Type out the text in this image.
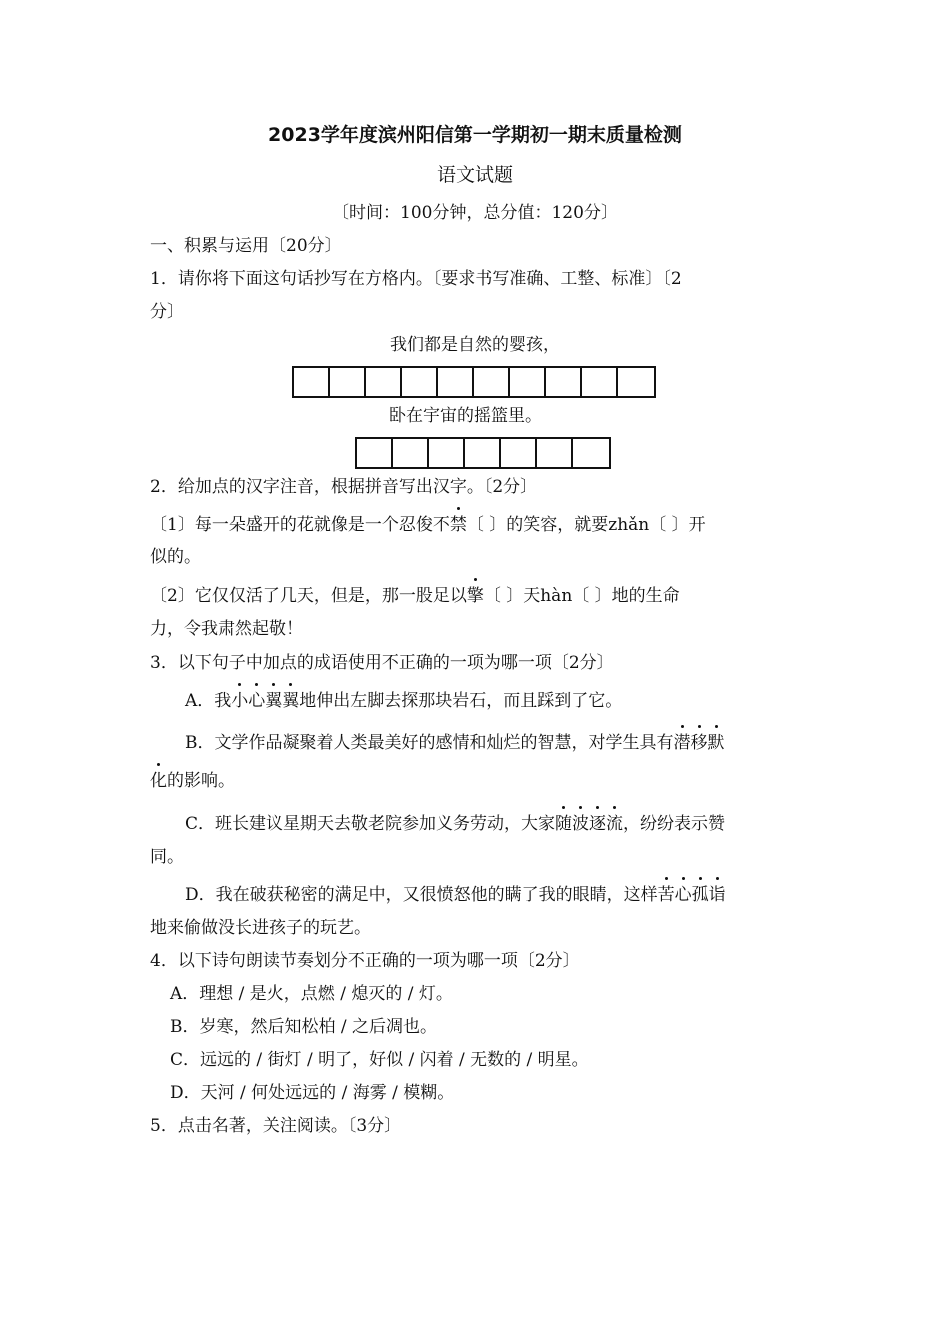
2023学年度滨州阳信第一学期初一期末质量检测
语文试题
〔时间：100分钟，总分值：120分〕
一、积累与运用〔20分〕
1．请你将下面这句话抄写在方格内。〔要求书写准确、工整、标准〕〔2
分〕
我们都是自然的婴孩，
卧在宇宙的摇篮里。
2．给加点的汉字注音，根据拼音写出汉字。〔2分〕
〔1〕每一朵盛开的花就像是一个忍俊不禁〔 〕的笑容，就要zhǎn〔 〕开
似的。
〔2〕它仅仅活了几天，但是，那一股足以擎〔 〕天hàn〔 〕地的生命
力，令我肃然起敬！
3．以下句子中加点的成语使用不正确的一项为哪一项〔2分〕
A．我小心翼翼地伸出左脚去探那块岩石，而且踩到了它。
B．文学作品凝聚着人类最美好的感情和灿烂的智慧，对学生具有潜移默
化的影响。
C．班长建议星期天去敬老院参加义务劳动，大家随波逐流，纷纷表示赞
同。
D．我在破获秘密的满足中，又很愤怒他的瞒了我的眼睛，这样苦心孤诣
地来偷做没长进孩子的玩艺。
4．以下诗句朗读节奏划分不正确的一项为哪一项〔2分〕
A．理想 / 是火，点燃 / 熄灭的 / 灯。
B．岁寒，然后知松柏 / 之后凋也。
C．远远的 / 街灯 / 明了，好似 / 闪着 / 无数的 / 明星。
D．天河 / 何处远远的 / 海雾 / 模糊。
5．点击名著，关注阅读。〔3分〕
